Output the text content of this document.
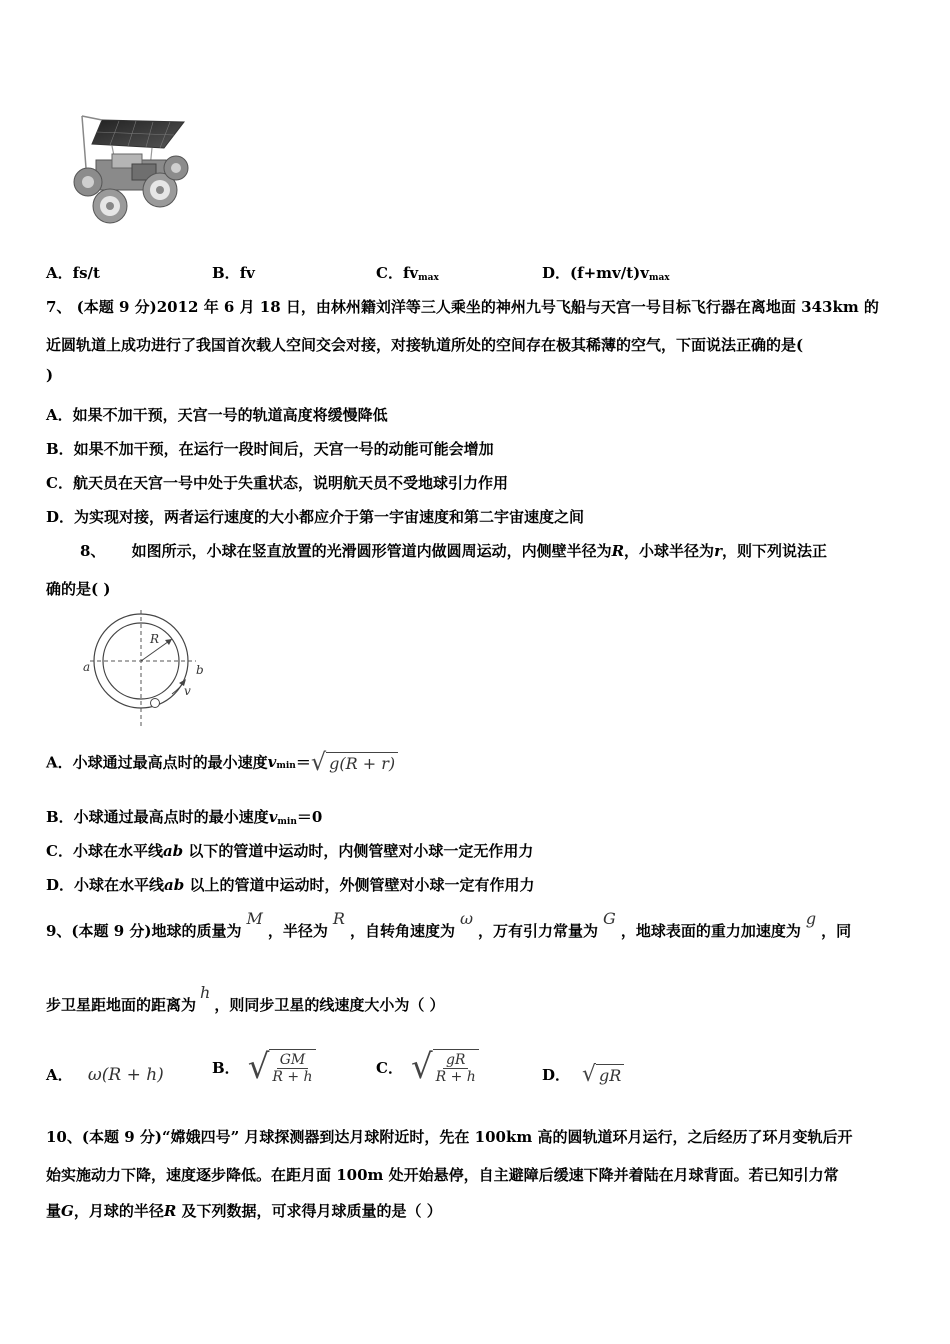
A．fs/t	B．fv	C．$fv_{max}$	D．$(f+mv/t)v_{max}$
7、 (本题 9 分)2012 年 6 月 18 日，由林州籍刘洋等三人乘坐的神州九号飞船与天宫一号目标飞行器在离地面 343km 的
近圆轨道上成功进行了我国首次载人空间交会对接，对接轨道所处的空间存在极其稀薄的空气，下面说法正确的是(
)
A．如果不加干预，天宫一号的轨道高度将缓慢降低
B．如果不加干预，在运行一段时间后，天宫一号的动能可能会增加
C．航天员在天宫一号中处于失重状态，说明航天员不受地球引力作用
D．为实现对接，两者运行速度的大小都应介于第一宇宙速度和第二宇宙速度之间
8、 如图所示，小球在竖直放置的光滑圆形管道内做圆周运动，内侧壁半径为R，小球半径为r，则下列说法正
确的是( )
R
a	b
v
A．小球通过最高点时的最小速度$v_{min}=$ √ g(R + r)
B．小球通过最高点时的最小速度$v_{min}=0$
C．小球在水平线ab 以下的管道中运动时，内侧管壁对小球一定无作用力
D．小球在水平线ab 以上的管道中运动时，外侧管壁对小球一定有作用力
9、(本题 9 分)地球的质量为M，半径为R，自转角速度为ω，万有引力常量为G，地球表面的重力加速度为g，同
步卫星距地面的距离为h，则同步卫星的线速度大小为（ ）
A． ω(R + h)	B． √ $\frac{GM}{R + h}$	C． √ $\frac{gR}{R + h}$	D． √ gR
10、(本题 9 分)“嫦娥四号” 月球探测器到达月球附近时，先在 100km 高的圆轨道环月运行，之后经历了环月变轨后开
始实施动力下降，速度逐步降低。在距月面 100m 处开始悬停，自主避障后缓速下降并着陆在月球背面。若已知引力常
量G，月球的半径R 及下列数据，可求得月球质量的是（ ）
